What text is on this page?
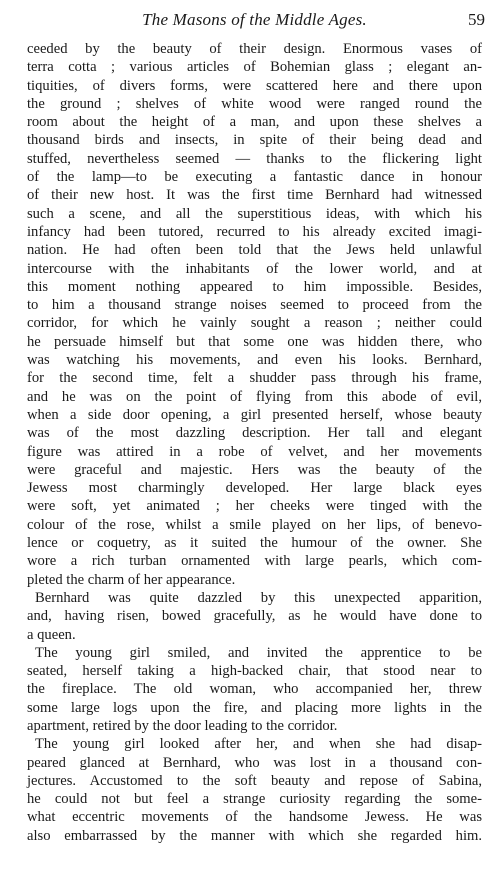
The Masons of the Middle Ages.	59
ceeded by the beauty of their design. Enormous vases of
terra cotta ; various articles of Bohemian glass ; elegant an-
tiquities, of divers forms, were scattered here and there upon
the ground ; shelves of white wood were ranged round the
room about the height of a man, and upon these shelves a
thousand birds and insects, in spite of their being dead and
stuffed, nevertheless seemed — thanks to the flickering light
of the lamp—to be executing a fantastic dance in honour
of their new host. It was the first time Bernhard had witnessed
such a scene, and all the superstitious ideas, with which his
infancy had been tutored, recurred to his already excited imagi-
nation. He had often been told that the Jews held unlawful
intercourse with the inhabitants of the lower world, and at
this moment nothing appeared to him impossible. Besides,
to him a thousand strange noises seemed to proceed from the
corridor, for which he vainly sought a reason ; neither could
he persuade himself but that some one was hidden there, who
was watching his movements, and even his looks. Bernhard,
for the second time, felt a shudder pass through his frame,
and he was on the point of flying from this abode of evil,
when a side door opening, a girl presented herself, whose beauty
was of the most dazzling description. Her tall and elegant
figure was attired in a robe of velvet, and her movements
were graceful and majestic. Hers was the beauty of the
Jewess most charmingly developed. Her large black eyes
were soft, yet animated ; her cheeks were tinged with the
colour of the rose, whilst a smile played on her lips, of benevo-
lence or coquetry, as it suited the humour of the owner. She
wore a rich turban ornamented with large pearls, which com-
pleted the charm of her appearance.
Bernhard was quite dazzled by this unexpected apparition,
and, having risen, bowed gracefully, as he would have done to
a queen.
The young girl smiled, and invited the apprentice to be
seated, herself taking a high-backed chair, that stood near to
the fireplace. The old woman, who accompanied her, threw
some large logs upon the fire, and placing more lights in the
apartment, retired by the door leading to the corridor.
The young girl looked after her, and when she had disap-
peared glanced at Bernhard, who was lost in a thousand con-
jectures. Accustomed to the soft beauty and repose of Sabina,
he could not but feel a strange curiosity regarding the some-
what eccentric movements of the handsome Jewess. He was
also embarrassed by the manner with which she regarded him.
